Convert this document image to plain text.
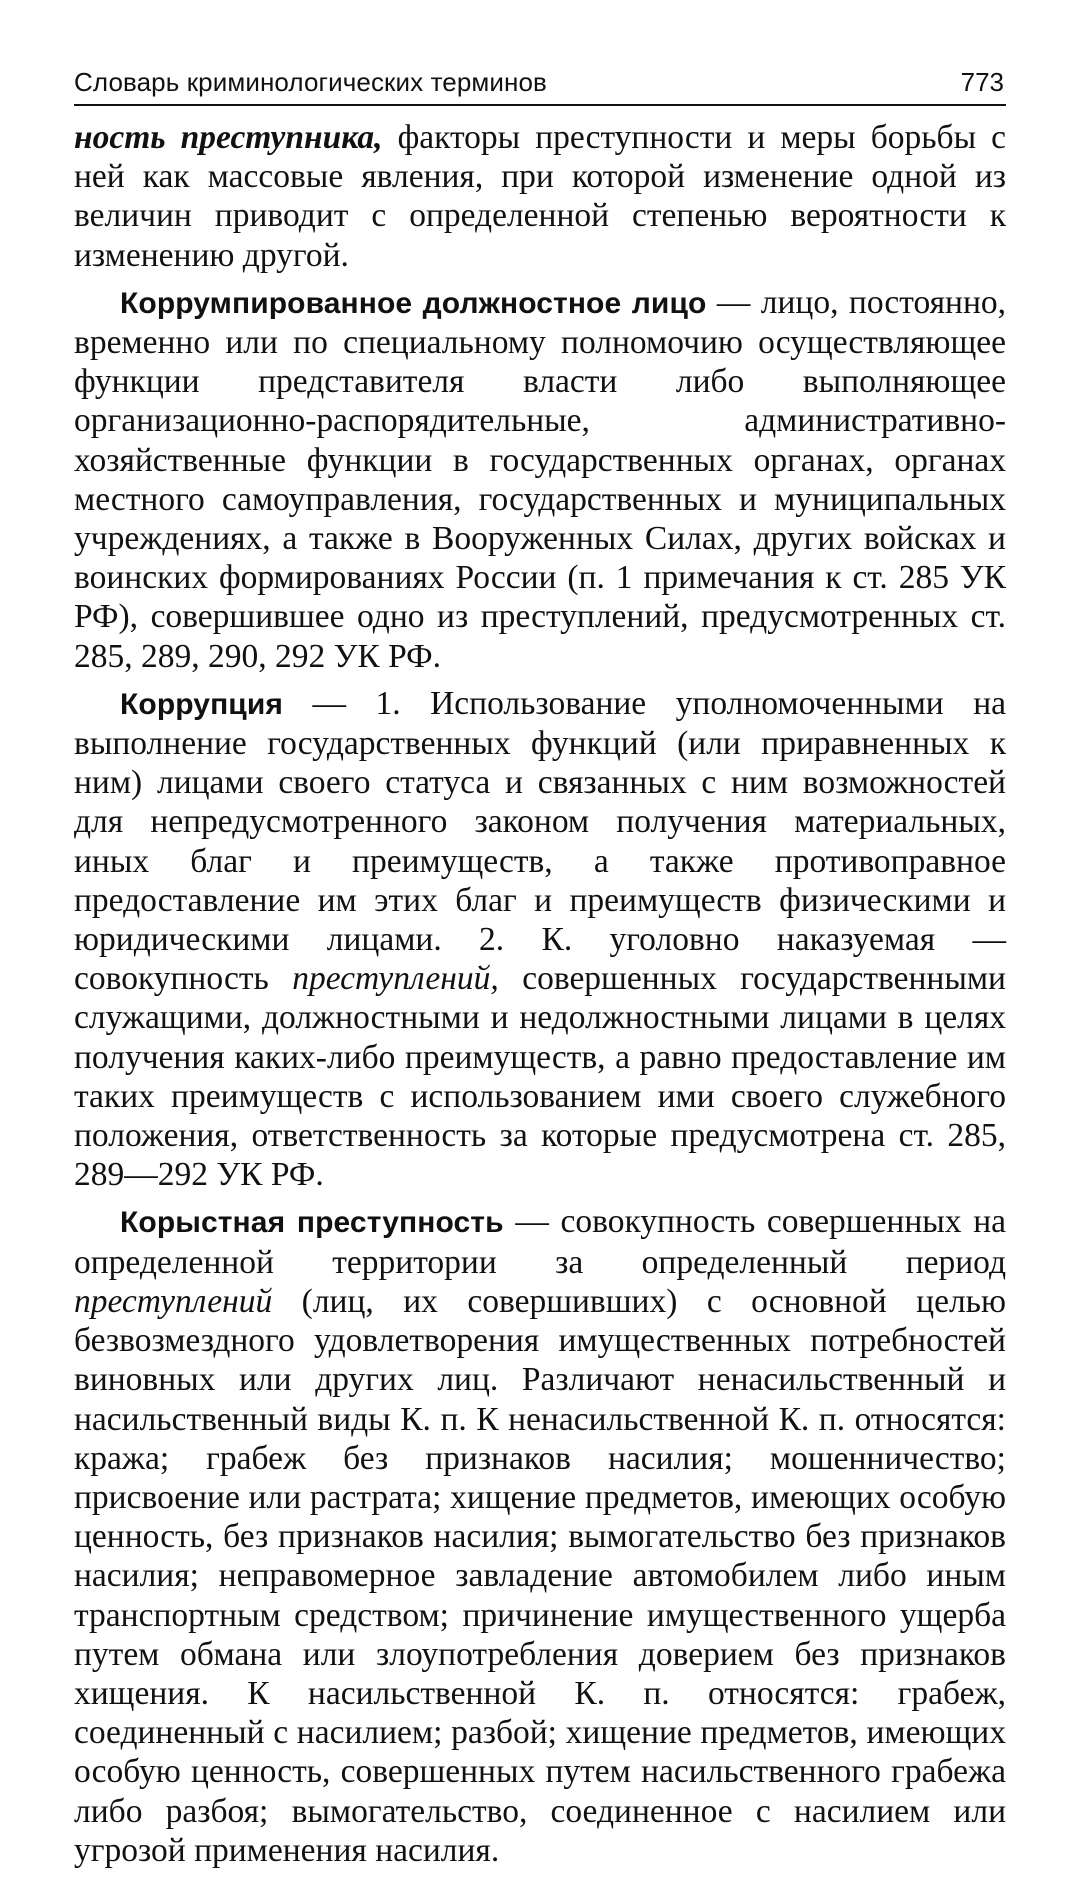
Словарь криминологических терминов	773

ность преступника, факторы преступности и меры борьбы с ней как массовые явления, при которой изменение одной из величин приводит с определенной степенью вероятности к изменению другой.

Коррумпированное должностное лицо — лицо, постоянно, временно или по специальному полномочию осуществляющее функции представителя власти либо выполняющее организационно-распорядительные, административно-хозяйственные функции в государственных органах, органах местного самоуправления, государственных и муниципальных учреждениях, а также в Вооруженных Силах, других войсках и воинских формированиях России (п. 1 примечания к ст. 285 УК РФ), совершившее одно из преступлений, предусмотренных ст. 285, 289, 290, 292 УК РФ.

Коррупция — 1. Использование уполномоченными на выполнение государственных функций (или приравненных к ним) лицами своего статуса и связанных с ним возможностей для непредусмотренного законом получения материальных, иных благ и преимуществ, а также противоправное предоставление им этих благ и преимуществ физическими и юридическими лицами. 2. К. уголовно наказуемая — совокупность преступлений, совершенных государственными служащими, должностными и недолжностными лицами в целях получения каких-либо преимуществ, а равно предоставление им таких преимуществ с использованием ими своего служебного положения, ответственность за которые предусмотрена ст. 285, 289—292 УК РФ.

Корыстная преступность — совокупность совершенных на определенной территории за определенный период преступлений (лиц, их совершивших) с основной целью безвозмездного удовлетворения имущественных потребностей виновных или других лиц. Различают ненасильственный и насильственный виды К. п. К ненасильственной К. п. относятся: кража; грабеж без признаков насилия; мошенничество; присвоение или растрата; хищение предметов, имеющих особую ценность, без признаков насилия; вымогательство без признаков насилия; неправомерное завладение автомобилем либо иным транспортным средством; причинение имущественного ущерба путем обмана или злоупотребления доверием без признаков хищения. К насильственной К. п. относятся: грабеж, соединенный с насилием; разбой; хищение предметов, имеющих особую ценность, совершенных путем насильственного грабежа либо разбоя; вымогательство, соединенное с насилием или угрозой применения насилия.
